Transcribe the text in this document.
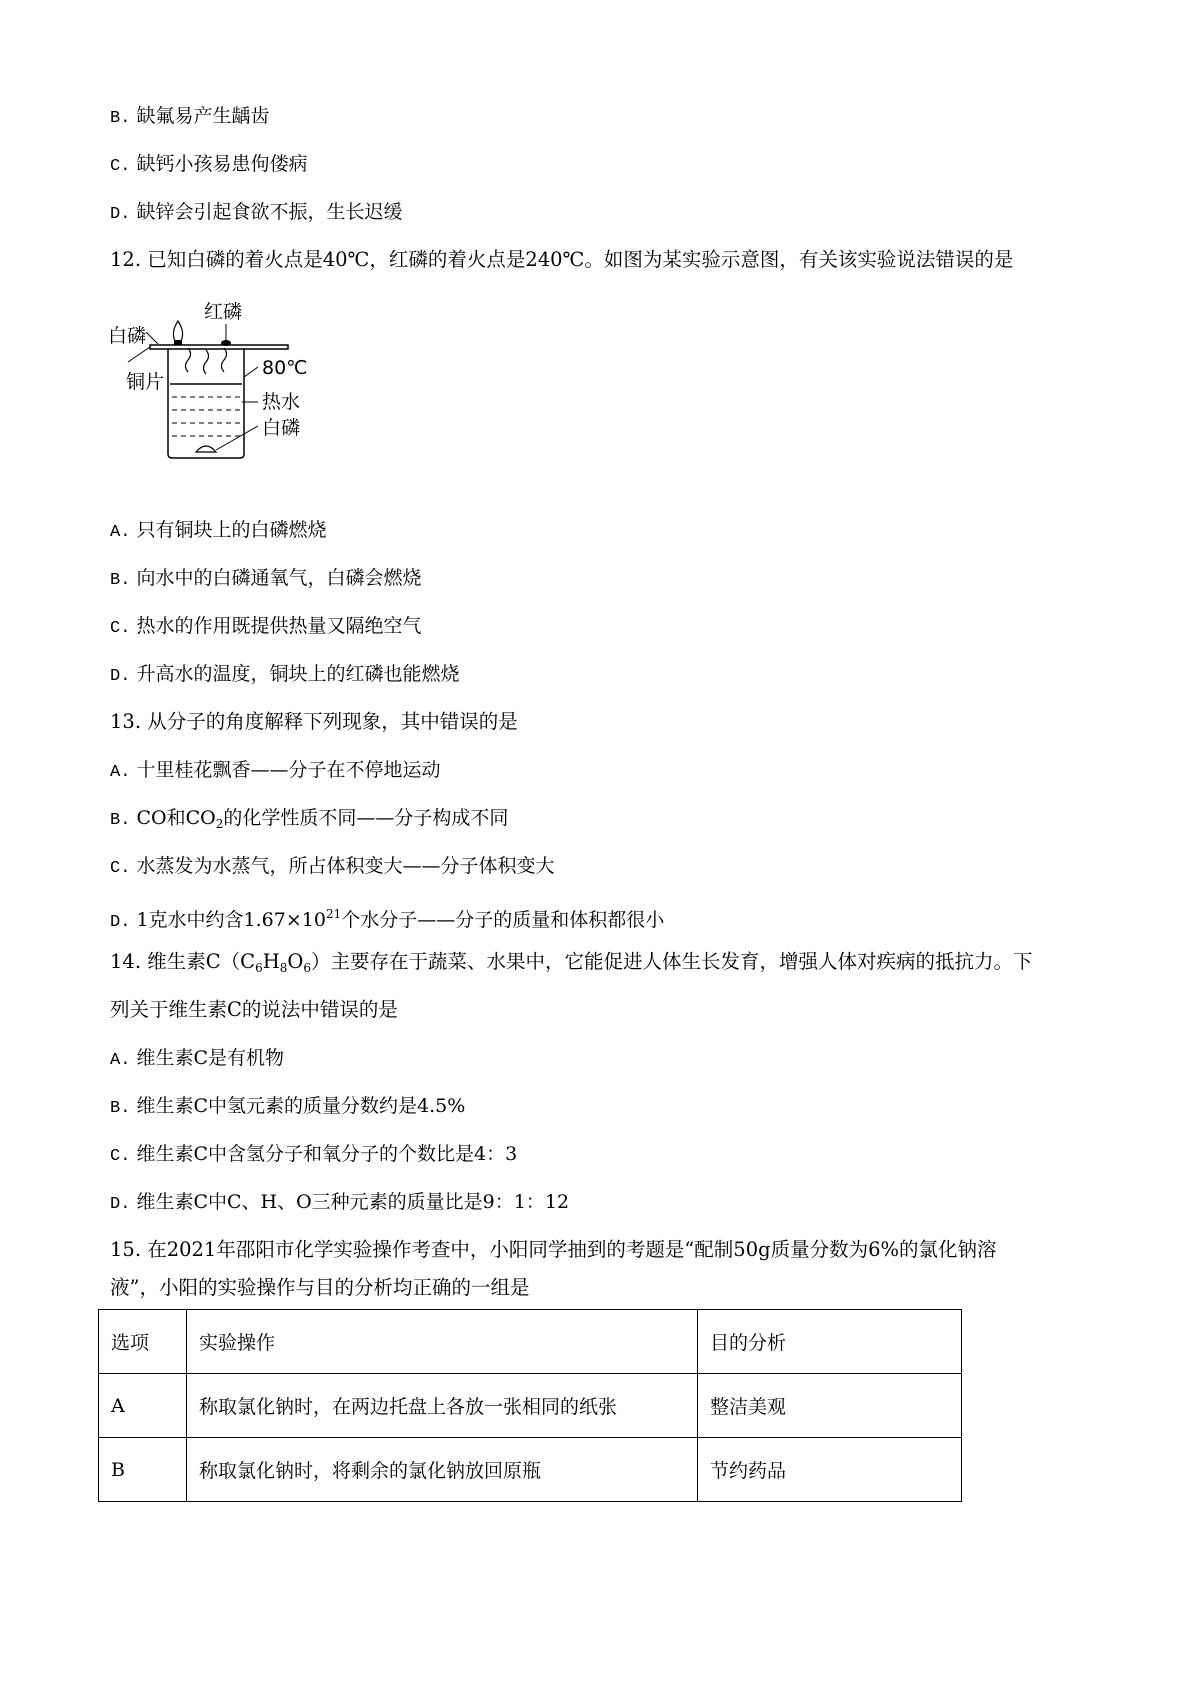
B. 缺氟易产生龋齿
C. 缺钙小孩易患佝偻病
D. 缺锌会引起食欲不振，生长迟缓
12. 已知白磷的着火点是40℃，红磷的着火点是240℃。如图为某实验示意图，有关该实验说法错误的是
红磷
白磷
铜片
80℃
热水
白磷
A. 只有铜块上的白磷燃烧
B. 向水中的白磷通氧气，白磷会燃烧
C. 热水的作用既提供热量又隔绝空气
D. 升高水的温度，铜块上的红磷也能燃烧
13. 从分子的角度解释下列现象，其中错误的是
A. 十里桂花飘香——分子在不停地运动
B. CO和$CO_2$的化学性质不同——分子构成不同
C. 水蒸发为水蒸气，所占体积变大——分子体积变大
D. 1克水中约含$1.67\times 10^{21}$个水分子——分子的质量和体积都很小
14. 维生素$C(C_6H_8O_6)$主要存在于蔬菜、水果中，它能促进人体生长发育，增强人体对疾病的抵抗力。下
列关于维生素C的说法中错误的是
A. 维生素C是有机物
B. 维生素C中氢元素的质量分数约是4.5%
C. 维生素C中含氢分子和氧分子的个数比是4：3
D. 维生素C中C、H、O三种元素的质量比是9：1：12
15. 在2021年邵阳市化学实验操作考查中，小阳同学抽到的考题是“配制50g质量分数为6%的氯化钠溶
液”，小阳的实验操作与目的分析均正确的一组是
选项	实验操作	目的分析
A	称取氯化钠时，在两边托盘上各放一张相同的纸张	整洁美观
B	称取氯化钠时，将剩余的氯化钠放回原瓶	节约药品
